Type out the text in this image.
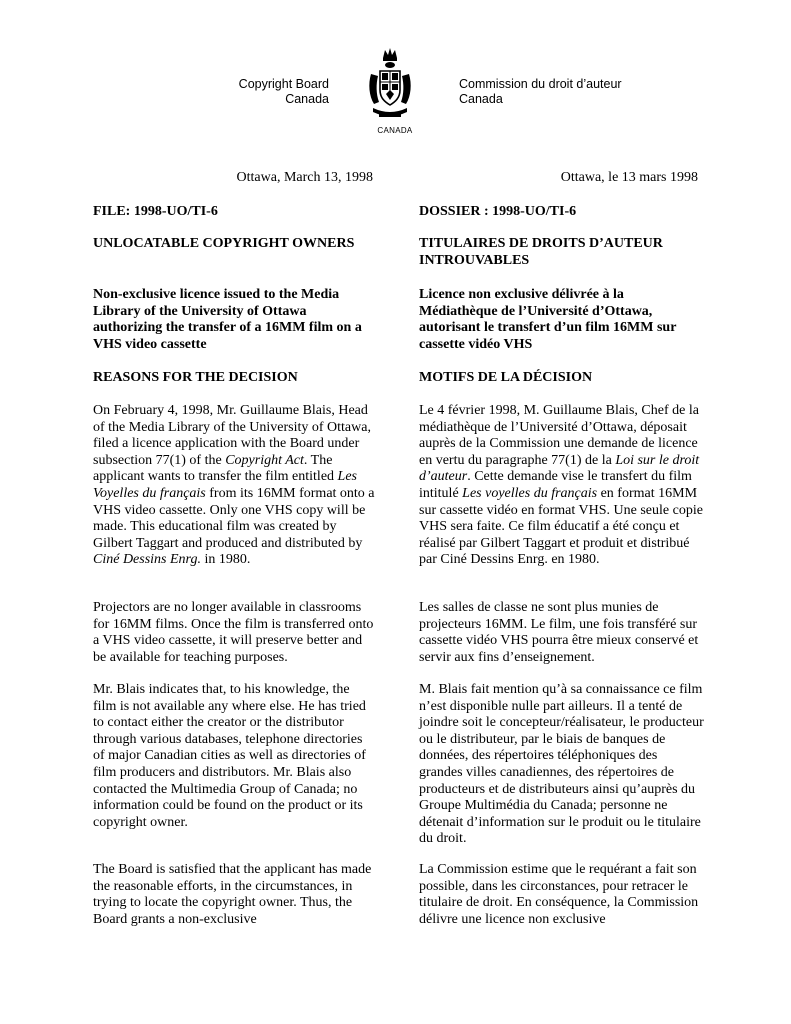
Copyright Board
Canada
CANADA
Commission du droit d’auteur
Canada
Ottawa, March 13, 1998	Ottawa, le 13 mars 1998

FILE: 1998-UO/TI-6

UNLOCATABLE COPYRIGHT OWNERS

Non-exclusive licence issued to the Media Library of the University of Ottawa authorizing the transfer of a 16MM film on a VHS video cassette

REASONS FOR THE DECISION

On February 4, 1998, Mr. Guillaume Blais, Head of the Media Library of the University of Ottawa, filed a licence application with the Board under subsection 77(1) of the Copyright Act. The applicant wants to transfer the film entitled Les Voyelles du français from its 16MM format onto a VHS video cassette. Only one VHS copy will be made. This educational film was created by Gilbert Taggart and produced and distributed by Ciné Dessins Enrg. in 1980.

Projectors are no longer available in classrooms for 16MM films. Once the film is transferred onto a VHS video cassette, it will preserve better and be available for teaching purposes.

Mr. Blais indicates that, to his knowledge, the film is not available any where else. He has tried to contact either the creator or the distributor through various databases, telephone directories of major Canadian cities as well as directories of film producers and distributors. Mr. Blais also contacted the Multimedia Group of Canada; no information could be found on the product or its copyright owner.

The Board is satisfied that the applicant has made the reasonable efforts, in the circumstances, in trying to locate the copyright owner. Thus, the Board grants a non-exclusive

DOSSIER : 1998-UO/TI-6

TITULAIRES DE DROITS D’AUTEUR INTROUVABLES

Licence non exclusive délivrée à la Médiathèque de l’Université d’Ottawa, autorisant le transfert d’un film 16MM sur cassette vidéo VHS

MOTIFS DE LA DÉCISION

Le 4 février 1998, M. Guillaume Blais, Chef de la médiathèque de l’Université d’Ottawa, déposait auprès de la Commission une demande de licence en vertu du paragraphe 77(1) de la Loi sur le droit d’auteur. Cette demande vise le transfert du film intitulé Les voyelles du français en format 16MM sur cassette vidéo en format VHS. Une seule copie VHS sera faite. Ce film éducatif a été conçu et réalisé par Gilbert Taggart et produit et distribué par Ciné Dessins Enrg. en 1980.

Les salles de classe ne sont plus munies de projecteurs 16MM. Le film, une fois transféré sur cassette vidéo VHS pourra être mieux conservé et servir aux fins d’enseignement.

M. Blais fait mention qu’à sa connaissance ce film n’est disponible nulle part ailleurs. Il a tenté de joindre soit le concepteur/réalisateur, le producteur ou le distributeur, par le biais de banques de données, des répertoires téléphoniques des grandes villes canadiennes, des répertoires de producteurs et de distributeurs ainsi qu’auprès du Groupe Multimédia du Canada; personne ne détenait d’information sur le produit ou le titulaire du droit.

La Commission estime que le requérant a fait son possible, dans les circonstances, pour retracer le titulaire de droit. En conséquence, la Commission délivre une licence non exclusive
